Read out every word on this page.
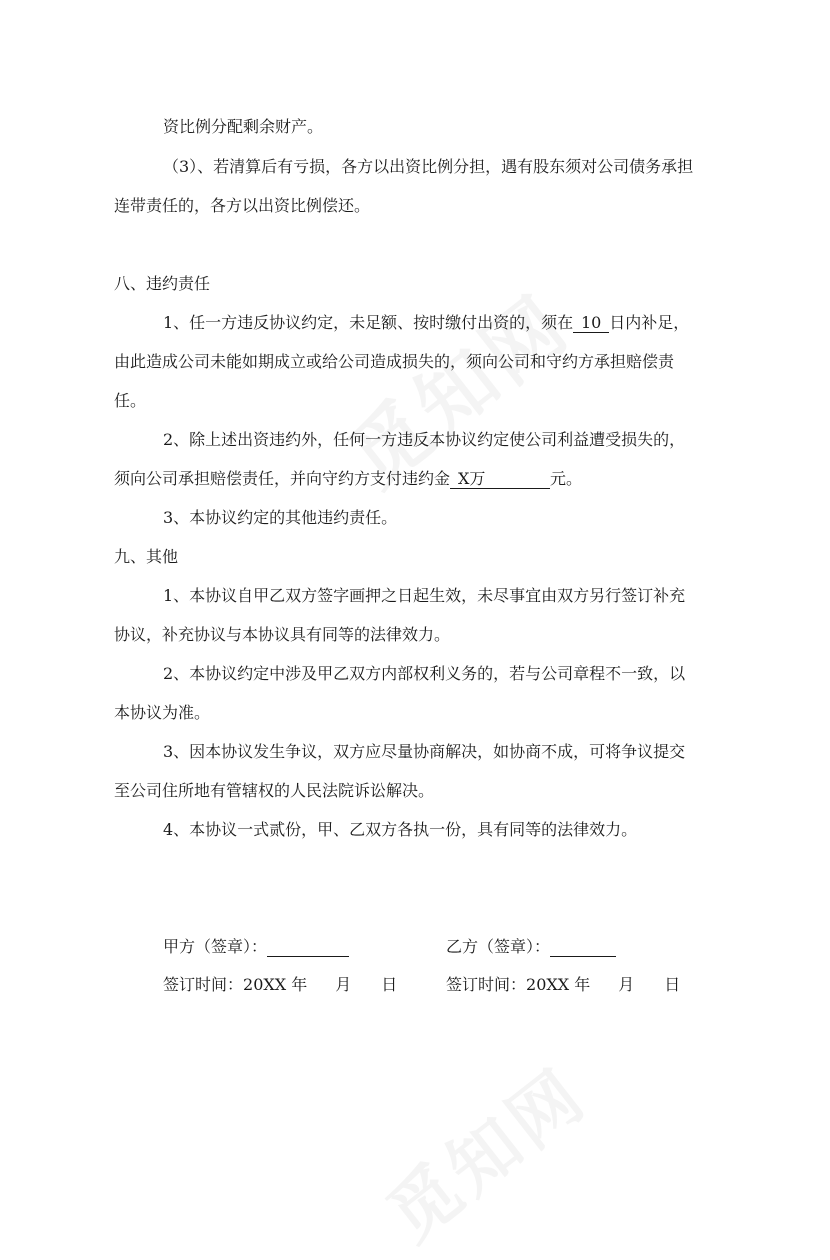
资比例分配剩余财产。
（3）、若清算后有亏损，各方以出资比例分担，遇有股东须对公司债务承担
连带责任的，各方以出资比例偿还。
八、违约责任
1、任一方违反协议约定，未足额、按时缴付出资的，须在 10 日内补足，
由此造成公司未能如期成立或给公司造成损失的，须向公司和守约方承担赔偿责
任。
2、除上述出资违约外，任何一方违反本协议约定使公司利益遭受损失的，
须向公司承担赔偿责任，并向守约方支付违约金 X万	元。
3、本协议约定的其他违约责任。
九、其他
1、本协议自甲乙双方签字画押之日起生效，未尽事宜由双方另行签订补充
协议，补充协议与本协议具有同等的法律效力。
2、本协议约定中涉及甲乙双方内部权利义务的，若与公司章程不一致，以
本协议为准。
3、因本协议发生争议，双方应尽量协商解决，如协商不成，可将争议提交
至公司住所地有管辖权的人民法院诉讼解决。
4、本协议一式贰份，甲、乙双方各执一份，具有同等的法律效力。
甲方（签章）：	乙方（签章）：
签订时间：20XX 年 月 日	签订时间：20XX 年 月 日
